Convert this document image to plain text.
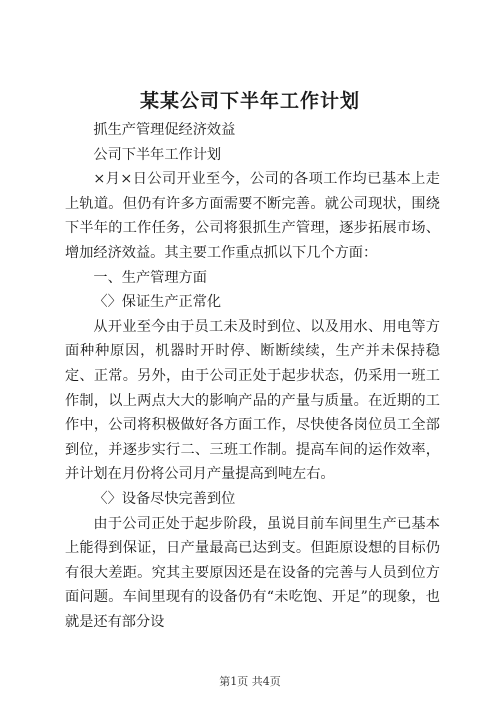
某某公司下半年工作计划

抓生产管理促经济效益

公司下半年工作计划

×月×日公司开业至今，公司的各项工作均已基本上走上轨道。但仍有许多方面需要不断完善。就公司现状，围绕下半年的工作任务，公司将狠抓生产管理，逐步拓展市场、增加经济效益。其主要工作重点抓以下几个方面：

一、生产管理方面

〈〉保证生产正常化

从开业至今由于员工未及时到位、以及用水、用电等方面种种原因，机器时开时停、断断续续，生产并未保持稳定、正常。另外，由于公司正处于起步状态，仍采用一班工作制，以上两点大大的影响产品的产量与质量。在近期的工作中，公司将积极做好各方面工作，尽快使各岗位员工全部到位，并逐步实行二、三班工作制。提高车间的运作效率，并计划在月份将公司月产量提高到吨左右。

〈〉设备尽快完善到位

由于公司正处于起步阶段，虽说目前车间里生产已基本上能得到保证，日产量最高已达到支。但距原设想的目标仍有很大差距。究其主要原因还是在设备的完善与人员到位方面问题。车间里现有的设备仍有“未吃饱、开足”的现象，也就是还有部分设

第1页 共4页
